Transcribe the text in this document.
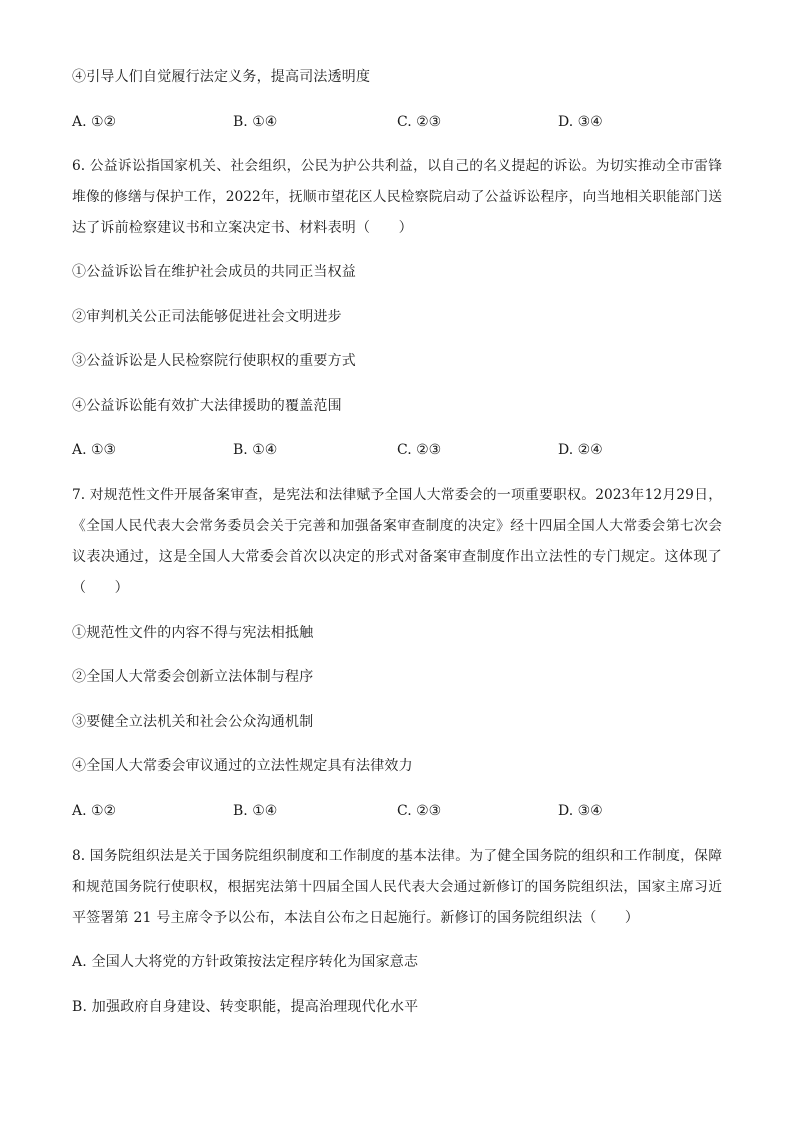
④引导人们自觉履行法定义务，提高司法透明度
A. ①②	B. ①④	C. ②③	D. ③④
6. 公益诉讼指国家机关、社会组织，公民为护公共利益，以自己的名义提起的诉讼。为切实推动全市雷锋
堆像的修缮与保护工作，2022年，抚顺市望花区人民检察院启动了公益诉讼程序，向当地相关职能部门送
达了诉前检察建议书和立案决定书、材料表明（　　）
①公益诉讼旨在维护社会成员的共同正当权益
②审判机关公正司法能够促进社会文明进步
③公益诉讼是人民检察院行使职权的重要方式
④公益诉讼能有效扩大法律援助的覆盖范围
A. ①③	B. ①④	C. ②③	D. ②④
7. 对规范性文件开展备案审查，是宪法和法律赋予全国人大常委会的一项重要职权。2023年12月29日，
《全国人民代表大会常务委员会关于完善和加强备案审查制度的决定》经十四届全国人大常委会第七次会
议表决通过，这是全国人大常委会首次以决定的形式对备案审查制度作出立法性的专门规定。这体现了
（　　）
①规范性文件的内容不得与宪法相抵触
②全国人大常委会创新立法体制与程序
③要健全立法机关和社会公众沟通机制
④全国人大常委会审议通过的立法性规定具有法律效力
A. ①②	B. ①④	C. ②③	D. ③④
8. 国务院组织法是关于国务院组织制度和工作制度的基本法律。为了健全国务院的组织和工作制度，保障
和规范国务院行使职权，根据宪法第十四届全国人民代表大会通过新修订的国务院组织法，国家主席习近
平签署第 21 号主席令予以公布，本法自公布之日起施行。新修订的国务院组织法（　　）
A. 全国人大将党的方针政策按法定程序转化为国家意志
B. 加强政府自身建设、转变职能，提高治理现代化水平
